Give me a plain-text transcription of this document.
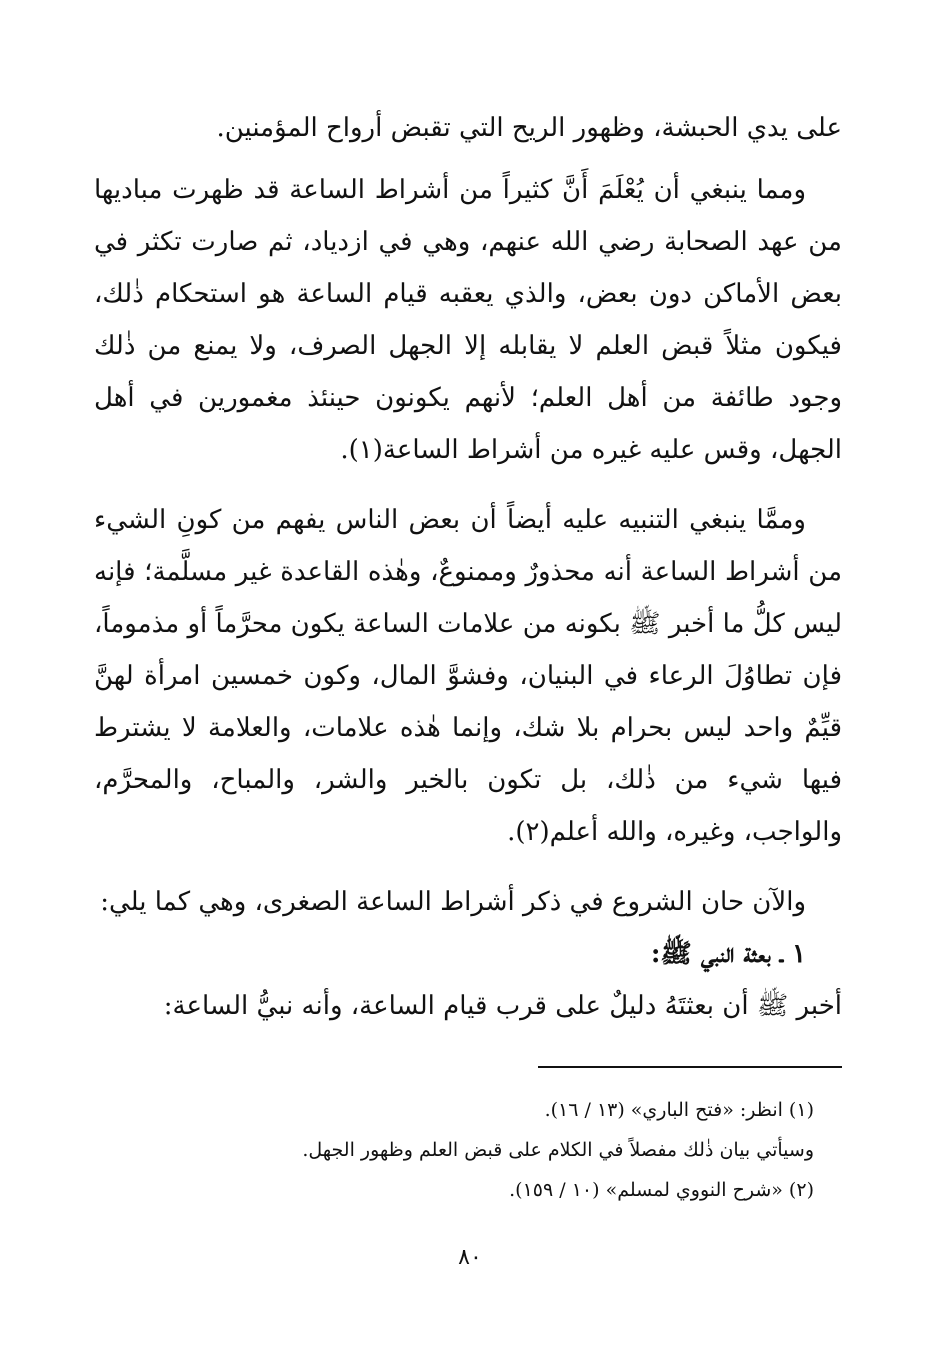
على يدي الحبشة، وظهور الريح التي تقبض أرواح المؤمنين.

ومما ينبغي أن يُعْلَمَ أَنَّ كثيراً من أشراط الساعة قد ظهرت مباديها من عهد الصحابة رضي الله عنهم، وهي في ازدياد، ثم صارت تكثر في بعض الأماكن دون بعض، والذي يعقبه قيام الساعة هو استحكام ذٰلك، فيكون مثلاً قبض العلم لا يقابله إلا الجهل الصرف، ولا يمنع من ذٰلك وجود طائفة من أهل العلم؛ لأنهم يكونون حينئذ مغمورين في أهل الجهل، وقس عليه غيره من أشراط الساعة(١).

وممَّا ينبغي التنبيه عليه أيضاً أن بعض الناس يفهم من كونِ الشيء من أشراط الساعة أنه محذورٌ وممنوعٌ، وهٰذه القاعدة غير مسلَّمة؛ فإنه ليس كلُّ ما أخبر ﷺ بكونه من علامات الساعة يكون محرَّماً أو مذموماً، فإن تطاوُلَ الرعاء في البنيان، وفشوَّ المال، وكون خمسين امرأة لهنَّ قيِّمٌ واحد ليس بحرام بلا شك، وإنما هٰذه علامات، والعلامة لا يشترط فيها شيء من ذٰلك، بل تكون بالخير والشر، والمباح، والمحرَّم، والواجب، وغيره، والله أعلم(٢).

والآن حان الشروع في ذكر أشراط الساعة الصغرى، وهي كما يلي:

١ ـ بعثة النبي ﷺ:

أخبر ﷺ أن بعثتَهُ دليلٌ على قرب قيام الساعة، وأنه نبيُّ الساعة:

(١) انظر: «فتح الباري» (١٣ / ١٦).

وسيأتي بيان ذٰلك مفصلاً في الكلام على قبض العلم وظهور الجهل.

(٢) «شرح النووي لمسلم» (١٠ / ١٥٩).

٨٠
